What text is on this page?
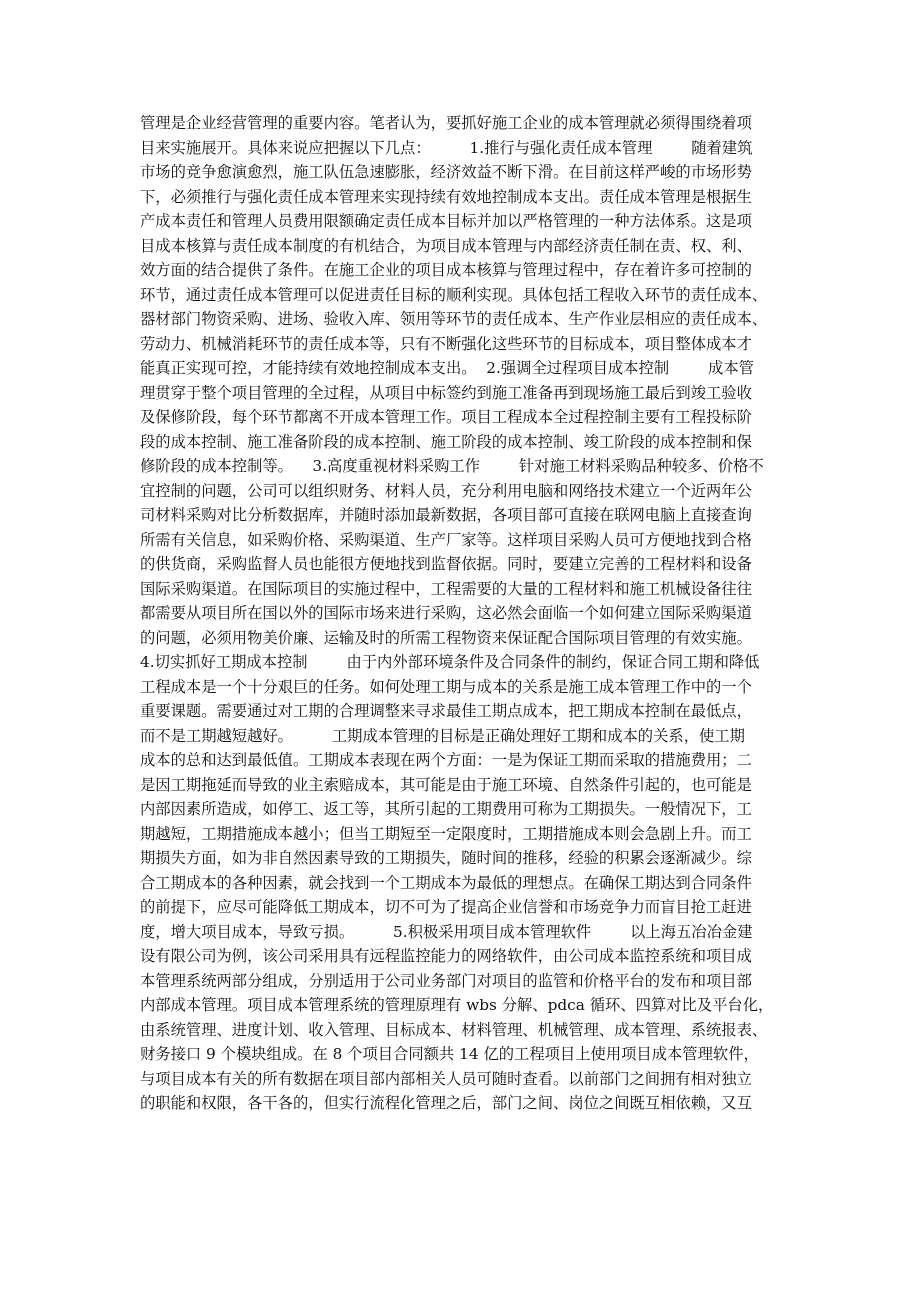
管理是企业经营管理的重要内容。笔者认为，要抓好施工企业的成本管理就必须得围绕着项
目来实施展开。具体来说应把握以下几点：        1.推行与强化责任成本管理        随着建筑
市场的竞争愈演愈烈，施工队伍急速膨胀，经济效益不断下滑。在目前这样严峻的市场形势
下，必须推行与强化责任成本管理来实现持续有效地控制成本支出。责任成本管理是根据生
产成本责任和管理人员费用限额确定责任成本目标并加以严格管理的一种方法体系。这是项
目成本核算与责任成本制度的有机结合，为项目成本管理与内部经济责任制在责、权、利、
效方面的结合提供了条件。在施工企业的项目成本核算与管理过程中，存在着许多可控制的
环节，通过责任成本管理可以促进责任目标的顺利实现。具体包括工程收入环节的责任成本、
器材部门物资采购、进场、验收入库、领用等环节的责任成本、生产作业层相应的责任成本、
劳动力、机械消耗环节的责任成本等，只有不断强化这些环节的目标成本，项目整体成本才
能真正实现可控，才能持续有效地控制成本支出。  2.强调全过程项目成本控制        成本管
理贯穿于整个项目管理的全过程，从项目中标签约到施工准备再到现场施工最后到竣工验收
及保修阶段，每个环节都离不开成本管理工作。项目工程成本全过程控制主要有工程投标阶
段的成本控制、施工准备阶段的成本控制、施工阶段的成本控制、竣工阶段的成本控制和保
修阶段的成本控制等。    3.高度重视材料采购工作        针对施工材料采购品种较多、价格不
宜控制的问题，公司可以组织财务、材料人员，充分利用电脑和网络技术建立一个近两年公
司材料采购对比分析数据库，并随时添加最新数据，各项目部可直接在联网电脑上直接查询
所需有关信息，如采购价格、采购渠道、生产厂家等。这样项目采购人员可方便地找到合格
的供货商，采购监督人员也能很方便地找到监督依据。同时，要建立完善的工程材料和设备
国际采购渠道。在国际项目的实施过程中，工程需要的大量的工程材料和施工机械设备往往
都需要从项目所在国以外的国际市场来进行采购，这必然会面临一个如何建立国际采购渠道
的问题，必须用物美价廉、运输及时的所需工程物资来保证配合国际项目管理的有效实施。
4.切实抓好工期成本控制        由于内外部环境条件及合同条件的制约，保证合同工期和降低
工程成本是一个十分艰巨的任务。如何处理工期与成本的关系是施工成本管理工作中的一个
重要课题。需要通过对工期的合理调整来寻求最佳工期点成本，把工期成本控制在最低点，
而不是工期越短越好。        工期成本管理的目标是正确处理好工期和成本的关系，使工期
成本的总和达到最低值。工期成本表现在两个方面：一是为保证工期而采取的措施费用；二
是因工期拖延而导致的业主索赔成本，其可能是由于施工环境、自然条件引起的，也可能是
内部因素所造成，如停工、返工等，其所引起的工期费用可称为工期损失。一般情况下，工
期越短，工期措施成本越小；但当工期短至一定限度时，工期措施成本则会急剧上升。而工
期损失方面，如为非自然因素导致的工期损失，随时间的推移，经验的积累会逐渐减少。综
合工期成本的各种因素，就会找到一个工期成本为最低的理想点。在确保工期达到合同条件
的前提下，应尽可能降低工期成本，切不可为了提高企业信誉和市场竞争力而盲目抢工赶进
度，增大项目成本，导致亏损。        5.积极采用项目成本管理软件        以上海五冶冶金建
设有限公司为例，该公司采用具有远程监控能力的网络软件，由公司成本监控系统和项目成
本管理系统两部分组成，分别适用于公司业务部门对项目的监管和价格平台的发布和项目部
内部成本管理。项目成本管理系统的管理原理有 wbs 分解、pdca 循环、四算对比及平台化，
由系统管理、进度计划、收入管理、目标成本、材料管理、机械管理、成本管理、系统报表、
财务接口 9 个模块组成。在 8 个项目合同额共 14 亿的工程项目上使用项目成本管理软件，
与项目成本有关的所有数据在项目部内部相关人员可随时查看。以前部门之间拥有相对独立
的职能和权限，各干各的，但实行流程化管理之后，部门之间、岗位之间既互相依赖，又互
